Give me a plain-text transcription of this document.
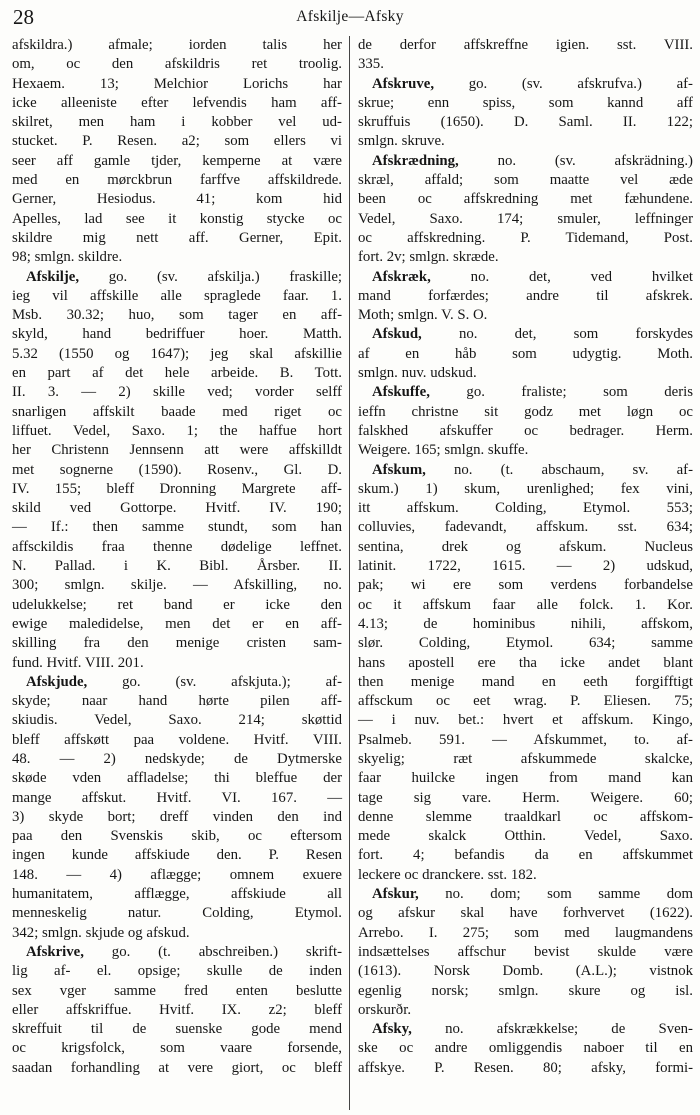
28	Afskilje—Afsky
afskildra.) afmale; iorden talis her
om, oc den afskildris ret troolig.
Hexaem. 13; Melchior Lorichs har
icke alleeniste efter lefvendis ham aff-
skilret, men ham i kobber vel ud-
stucket. P. Resen. a2; som ellers vi
seer aff gamle tjder, kemperne at være
med en mørckbrun farffve affskildrede.
Gerner, Hesiodus. 41; kom hid
Apelles, lad see it konstig stycke oc
skildre mig nett aff. Gerner, Epit.
98; smlgn. skildre.
Afskilje, go. (sv. afskilja.) fraskille;
ieg vil affskille alle spraglede faar. 1.
Msb. 30.32; huo, som tager en aff-
skyld, hand bedriffuer hoer. Matth.
5.32 (1550 og 1647); jeg skal afskillie
en part af det hele arbeide. B. Tott.
II. 3. — 2) skille ved; vorder selff
snarligen affskilt baade med riget oc
liffuet. Vedel, Saxo. 1; the haffue hort
her Christenn Jennsenn att were affskilldt
met sognerne (1590). Rosenv., Gl. D.
IV. 155; bleff Dronning Margrete aff-
skild ved Gottorpe. Hvitf. IV. 190;
— If.: then samme stundt, som han
affsckildis fraa thenne dødelige leffnet.
N. Pallad. i K. Bibl. Årsber. II.
300; smlgn. skilje. — Afskilling, no.
udelukkelse; ret band er icke den
ewige maledidelse, men det er en aff-
skilling fra den menige cristen sam-
fund. Hvitf. VIII. 201.
Afskjude, go. (sv. afskjuta.); af-
skyde; naar hand hørte pilen aff-
skiudis. Vedel, Saxo. 214; skøttid
bleff affskøtt paa voldene. Hvitf. VIII.
48. — 2) nedskyde; de Dytmerske
skøde vden affladelse; thi bleffue der
mange affskut. Hvitf. VI. 167. —
3) skyde bort; dreff vinden den ind
paa den Svenskis skib, oc eftersom
ingen kunde affskiude den. P. Resen
148. — 4) aflægge; omnem exuere
humanitatem, afflægge, affskiude all
menneskelig natur. Colding, Etymol.
342; smlgn. skjude og afskud.
Afskrive, go. (t. abschreiben.) skrift-
lig af- el. opsige; skulle de inden
sex vger samme fred enten beslutte
eller affskriffue. Hvitf. IX. z2; bleff
skreffuit til de suenske gode mend
oc krigsfolck, som vaare forsende,
saadan forhandling at vere giort, oc bleff
de derfor affskreffne igien. sst. VIII.
335.
Afskruve, go. (sv. afskrufva.) af-
skrue; enn spiss, som kannd aff
skruffuis (1650). D. Saml. II. 122;
smlgn. skruve.
Afskrædning, no. (sv. afskrädning.)
skræl, affald; som maatte vel æde
been oc affskredning met fæhundene.
Vedel, Saxo. 174; smuler, leffninger
oc affskredning. P. Tidemand, Post.
fort. 2v; smlgn. skræde.
Afskræk, no. det, ved hvilket
mand forfærdes; andre til afskrek.
Moth; smlgn. V. S. O.
Afskud, no. det, som forskydes
af en håb som udygtig. Moth.
smlgn. nuv. udskud.
Afskuffe, go. fraliste; som deris
ieffn christne sit godz met løgn oc
falskhed afskuffer oc bedrager. Herm.
Weigere. 165; smlgn. skuffe.
Afskum, no. (t. abschaum, sv. af-
skum.) 1) skum, urenlighed; fex vini,
itt affskum. Colding, Etymol. 553;
colluvies, fadevandt, affskum. sst. 634;
sentina, drek og afskum. Nucleus
latinit. 1722, 1615. — 2) udskud,
pak; wi ere som verdens forbandelse
oc it affskum faar alle folck. 1. Kor.
4.13; de hominibus nihili, affskom,
slør. Colding, Etymol. 634; samme
hans apostell ere tha icke andet blant
then menige mand en eeth forgifftigt
affsckum oc eet wrag. P. Eliesen. 75;
— i nuv. bet.: hvert et affskum. Kingo,
Psalmeb. 591. — Afskummet, to. af-
skyelig; ræt afskummede skalcke,
faar huilcke ingen from mand kan
tage sig vare. Herm. Weigere. 60;
denne slemme traaldkarl oc affskom-
mede skalck Otthin. Vedel, Saxo.
fort. 4; befandis da en affskummet
leckere oc dranckere. sst. 182.
Afskur, no. dom; som samme dom
og afskur skal have forhvervet (1622).
Arrebo. I. 275; som med laugmandens
indsættelses affschur bevist skulde være
(1613). Norsk Domb. (A.L.); vistnok
egenlig norsk; smlgn. skure og isl.
orskurðr.
Afsky, no. afskrækkelse; de Sven-
ske oc andre omliggendis naboer til en
affskye. P. Resen. 80; afsky, formi-
